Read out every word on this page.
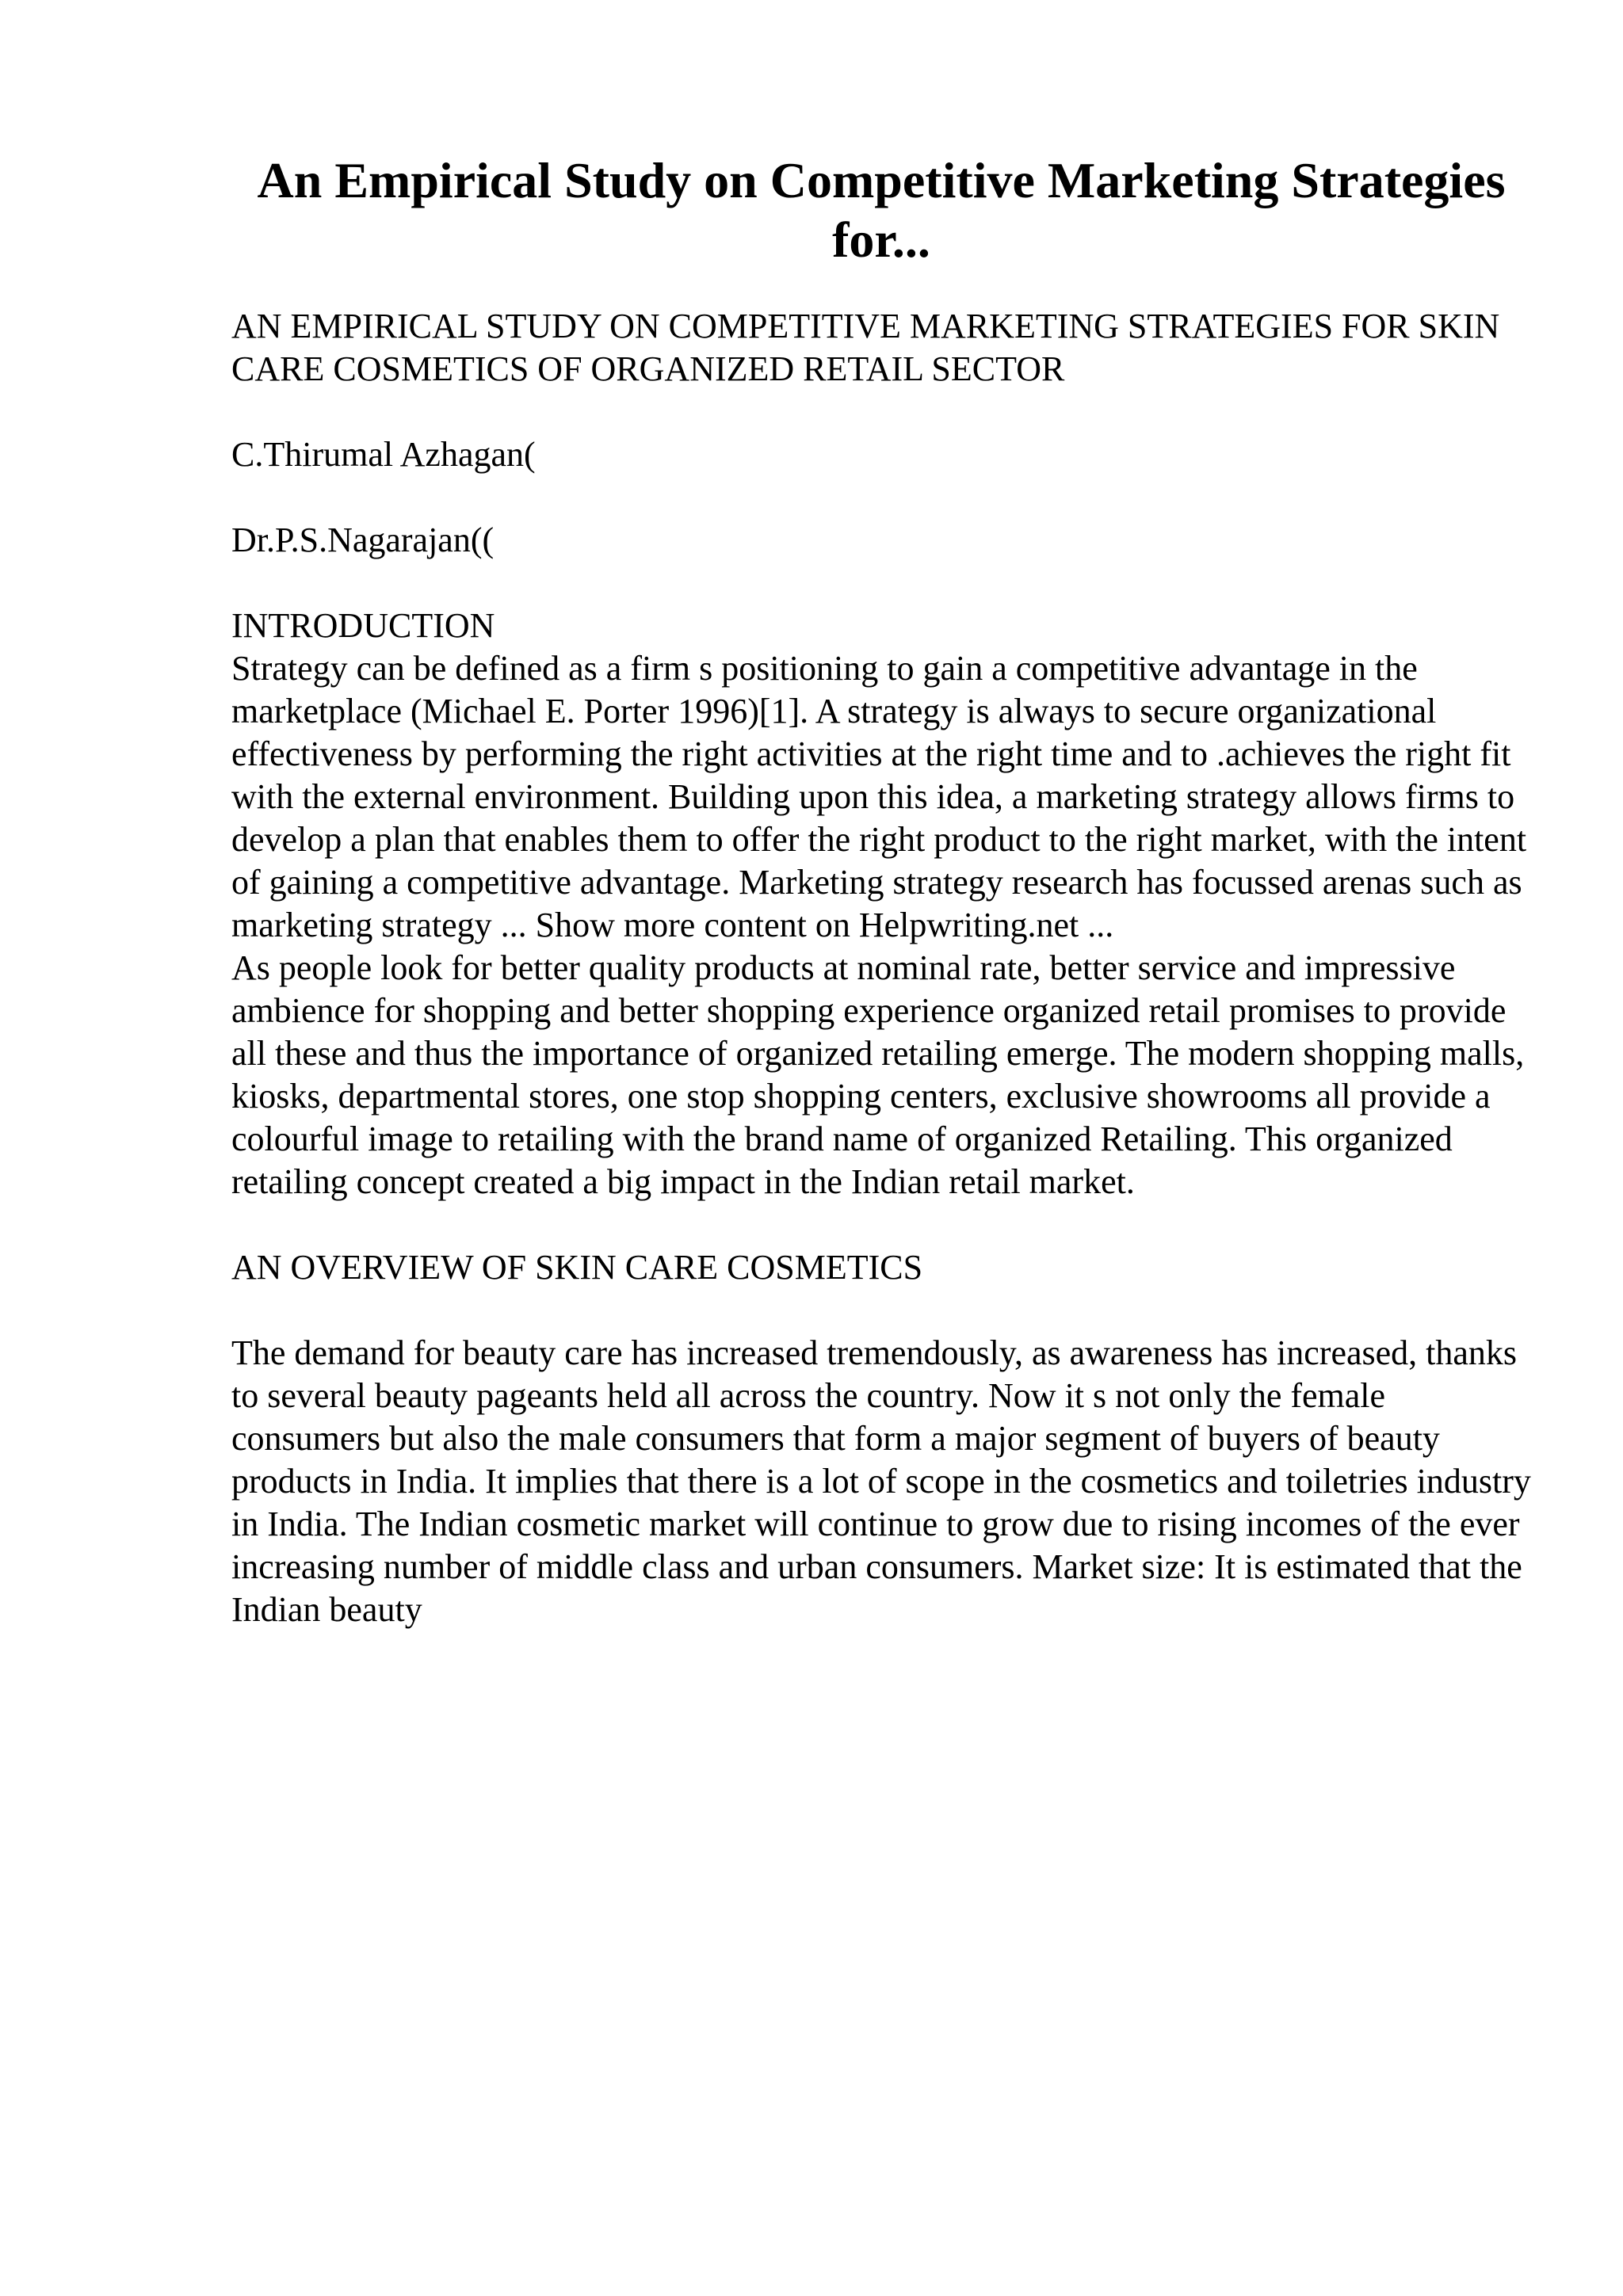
An Empirical Study on Competitive Marketing Strategies for...

AN EMPIRICAL STUDY ON COMPETITIVE MARKETING STRATEGIES FOR SKIN CARE COSMETICS OF ORGANIZED RETAIL SECTOR

C.Thirumal Azhagan(

Dr.P.S.Nagarajan((

INTRODUCTION

Strategy can be defined as a firm s positioning to gain a competitive advantage in the marketplace (Michael E. Porter 1996)[1]. A strategy is always to secure organizational effectiveness by performing the right activities at the right time and to .achieves the right fit with the external environment. Building upon this idea, a marketing strategy allows firms to develop a plan that enables them to offer the right product to the right market, with the intent of gaining a competitive advantage. Marketing strategy research has focussed arenas such as marketing strategy ... Show more content on Helpwriting.net ...

As people look for better quality products at nominal rate, better service and impressive ambience for shopping and better shopping experience organized retail promises to provide all these and thus the importance of organized retailing emerge. The modern shopping malls, kiosks, departmental stores, one stop shopping centers, exclusive showrooms all provide a colourful image to retailing with the brand name of organized Retailing. This organized retailing concept created a big impact in the Indian retail market.

AN OVERVIEW OF SKIN CARE COSMETICS

The demand for beauty care has increased tremendously, as awareness has increased, thanks to several beauty pageants held all across the country. Now it s not only the female consumers but also the male consumers that form a major segment of buyers of beauty products in India. It implies that there is a lot of scope in the cosmetics and toiletries industry in India. The Indian cosmetic market will continue to grow due to rising incomes of the ever increasing number of middle class and urban consumers. Market size: It is estimated that the Indian beauty
